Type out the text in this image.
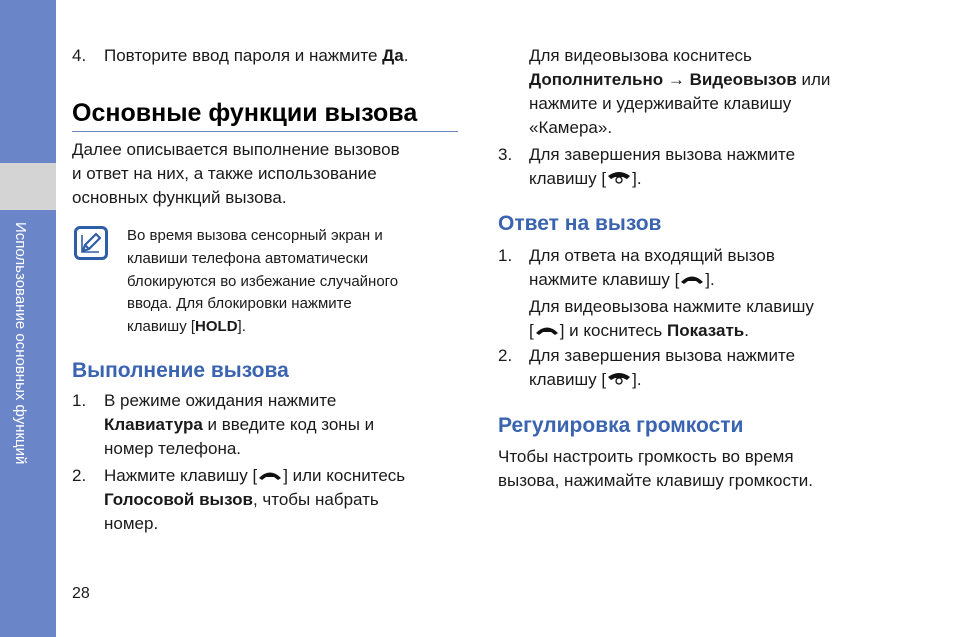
Использование основных функций
4. Повторите ввод пароля и нажмите Да.

Основные функции вызова

Далее описывается выполнение вызовов

и ответ на них, а также использование

основных функций вызова.

Во время вызова сенсорный экран и
клавиши телефона автоматически
блокируются во избежание случайного
ввода. Для блокировки нажмите
клавишу [HOLD].
Выполнение вызова
1. В режиме ожидания нажмите

Клавиатура и введите код зоны и

номер телефона.

2. Нажмите клавишу [ ] или коснитесь

Голосовой вызов, чтобы набрать

номер.

28

Для видеовызова коснитесь

Дополнительно → Видеовызов или

нажмите и удерживайте клавишу

«Камера».

3. Для завершения вызова нажмите

клавишу [ ].

Ответ на вызов
1. Для ответа на входящий вызов

нажмите клавишу [ ].

Для видеовызова нажмите клавишу

[ ] и коснитесь Показать.

2. Для завершения вызова нажмите

клавишу [ ].

Регулировка громкости

Чтобы настроить громкость во время

вызова, нажимайте клавишу громкости.
